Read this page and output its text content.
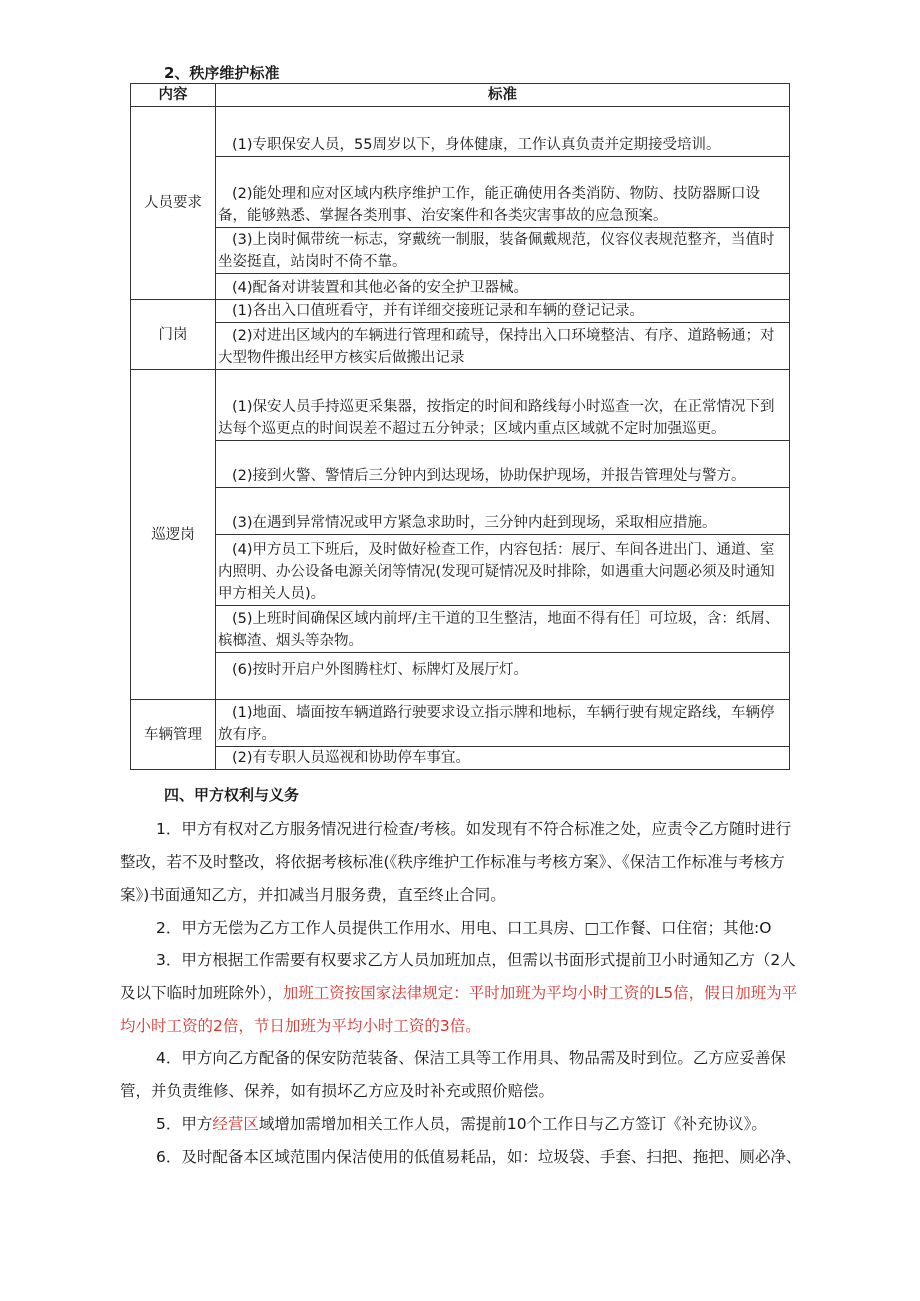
2、秩序维护标准
内容	标准
人员要求	(1)专职保安人员，55周岁以下，身体健康，工作认真负责并定期接受培训。
	(2)能处理和应对区域内秩序维护工作，能正确使用各类消防、物防、技防器厮口设备，能够熟悉、掌握各类刑事、治安案件和各类灾害事故的应急预案。
	(3)上岗时佩带统一标志，穿戴统一制服，装备佩戴规范，仪容仪表规范整齐，当值时坐姿挺直，站岗时不倚不靠。
	(4)配备对讲装置和其他必备的安全护卫器械。
门岗	(1)各出入口值班看守，并有详细交接班记录和车辆的登记记录。
	(2)对进出区域内的车辆进行管理和疏导，保持出入口环境整洁、有序、道路畅通；对大型物件搬出经甲方核实后做搬出记录
巡逻岗	(1)保安人员手持巡更采集器，按指定的时间和路线每小时巡查一次，在正常情况下到达每个巡更点的时间误差不超过五分钟录；区域内重点区域就不定时加强巡更。
	(2)接到火警、警情后三分钟内到达现场，协助保护现场，并报告管理处与警方。
	(3)在遇到异常情况或甲方紧急求助时，三分钟内赶到现场，采取相应措施。
	(4)甲方员工下班后，及时做好检查工作，内容包括：展厅、车间各进出门、通道、室内照明、办公设备电源关闭等情况(发现可疑情况及时排除，如遇重大问题必须及时通知甲方相关人员)。
	(5)上班时间确保区域内前坪/主干道的卫生整洁，地面不得有任］可垃圾，含：纸屑、槟榔渣、烟头等杂物。
	(6)按时开启户外图腾柱灯、标牌灯及展厅灯。
车辆管理	(1)地面、墙面按车辆道路行驶要求设立指示牌和地标，车辆行驶有规定路线，车辆停放有序。
	(2)有专职人员巡视和协助停车事宜。
四、甲方权利与义务

1．甲方有权对乙方服务情况进行检查/考核。如发现有不符合标准之处，应责令乙方随时进行整改，若不及时整改，将依据考核标准(《秩序维护工作标准与考核方案》、《保洁工作标准与考核方案》)书面通知乙方，并扣减当月服务费，直至终止合同。

2．甲方无偿为乙方工作人员提供工作用水、用电、口工具房、□工作餐、口住宿；其他:O

3．甲方根据工作需要有权要求乙方人员加班加点，但需以书面形式提前卫小时通知乙方（2人及以下临时加班除外），加班工资按国家法律规定：平时加班为平均小时工资的L5倍，假日加班为平均小时工资的2倍，节日加班为平均小时工资的3倍。

4．甲方向乙方配备的保安防范装备、保洁工具等工作用具、物品需及时到位。乙方应妥善保管，并负责维修、保养，如有损坏乙方应及时补充或照价赔偿。

5．甲方经营区域增加需增加相关工作人员，需提前10个工作日与乙方签订《补充协议》。

6．及时配备本区域范围内保洁使用的低值易耗品，如：垃圾袋、手套、扫把、拖把、厕必净、
